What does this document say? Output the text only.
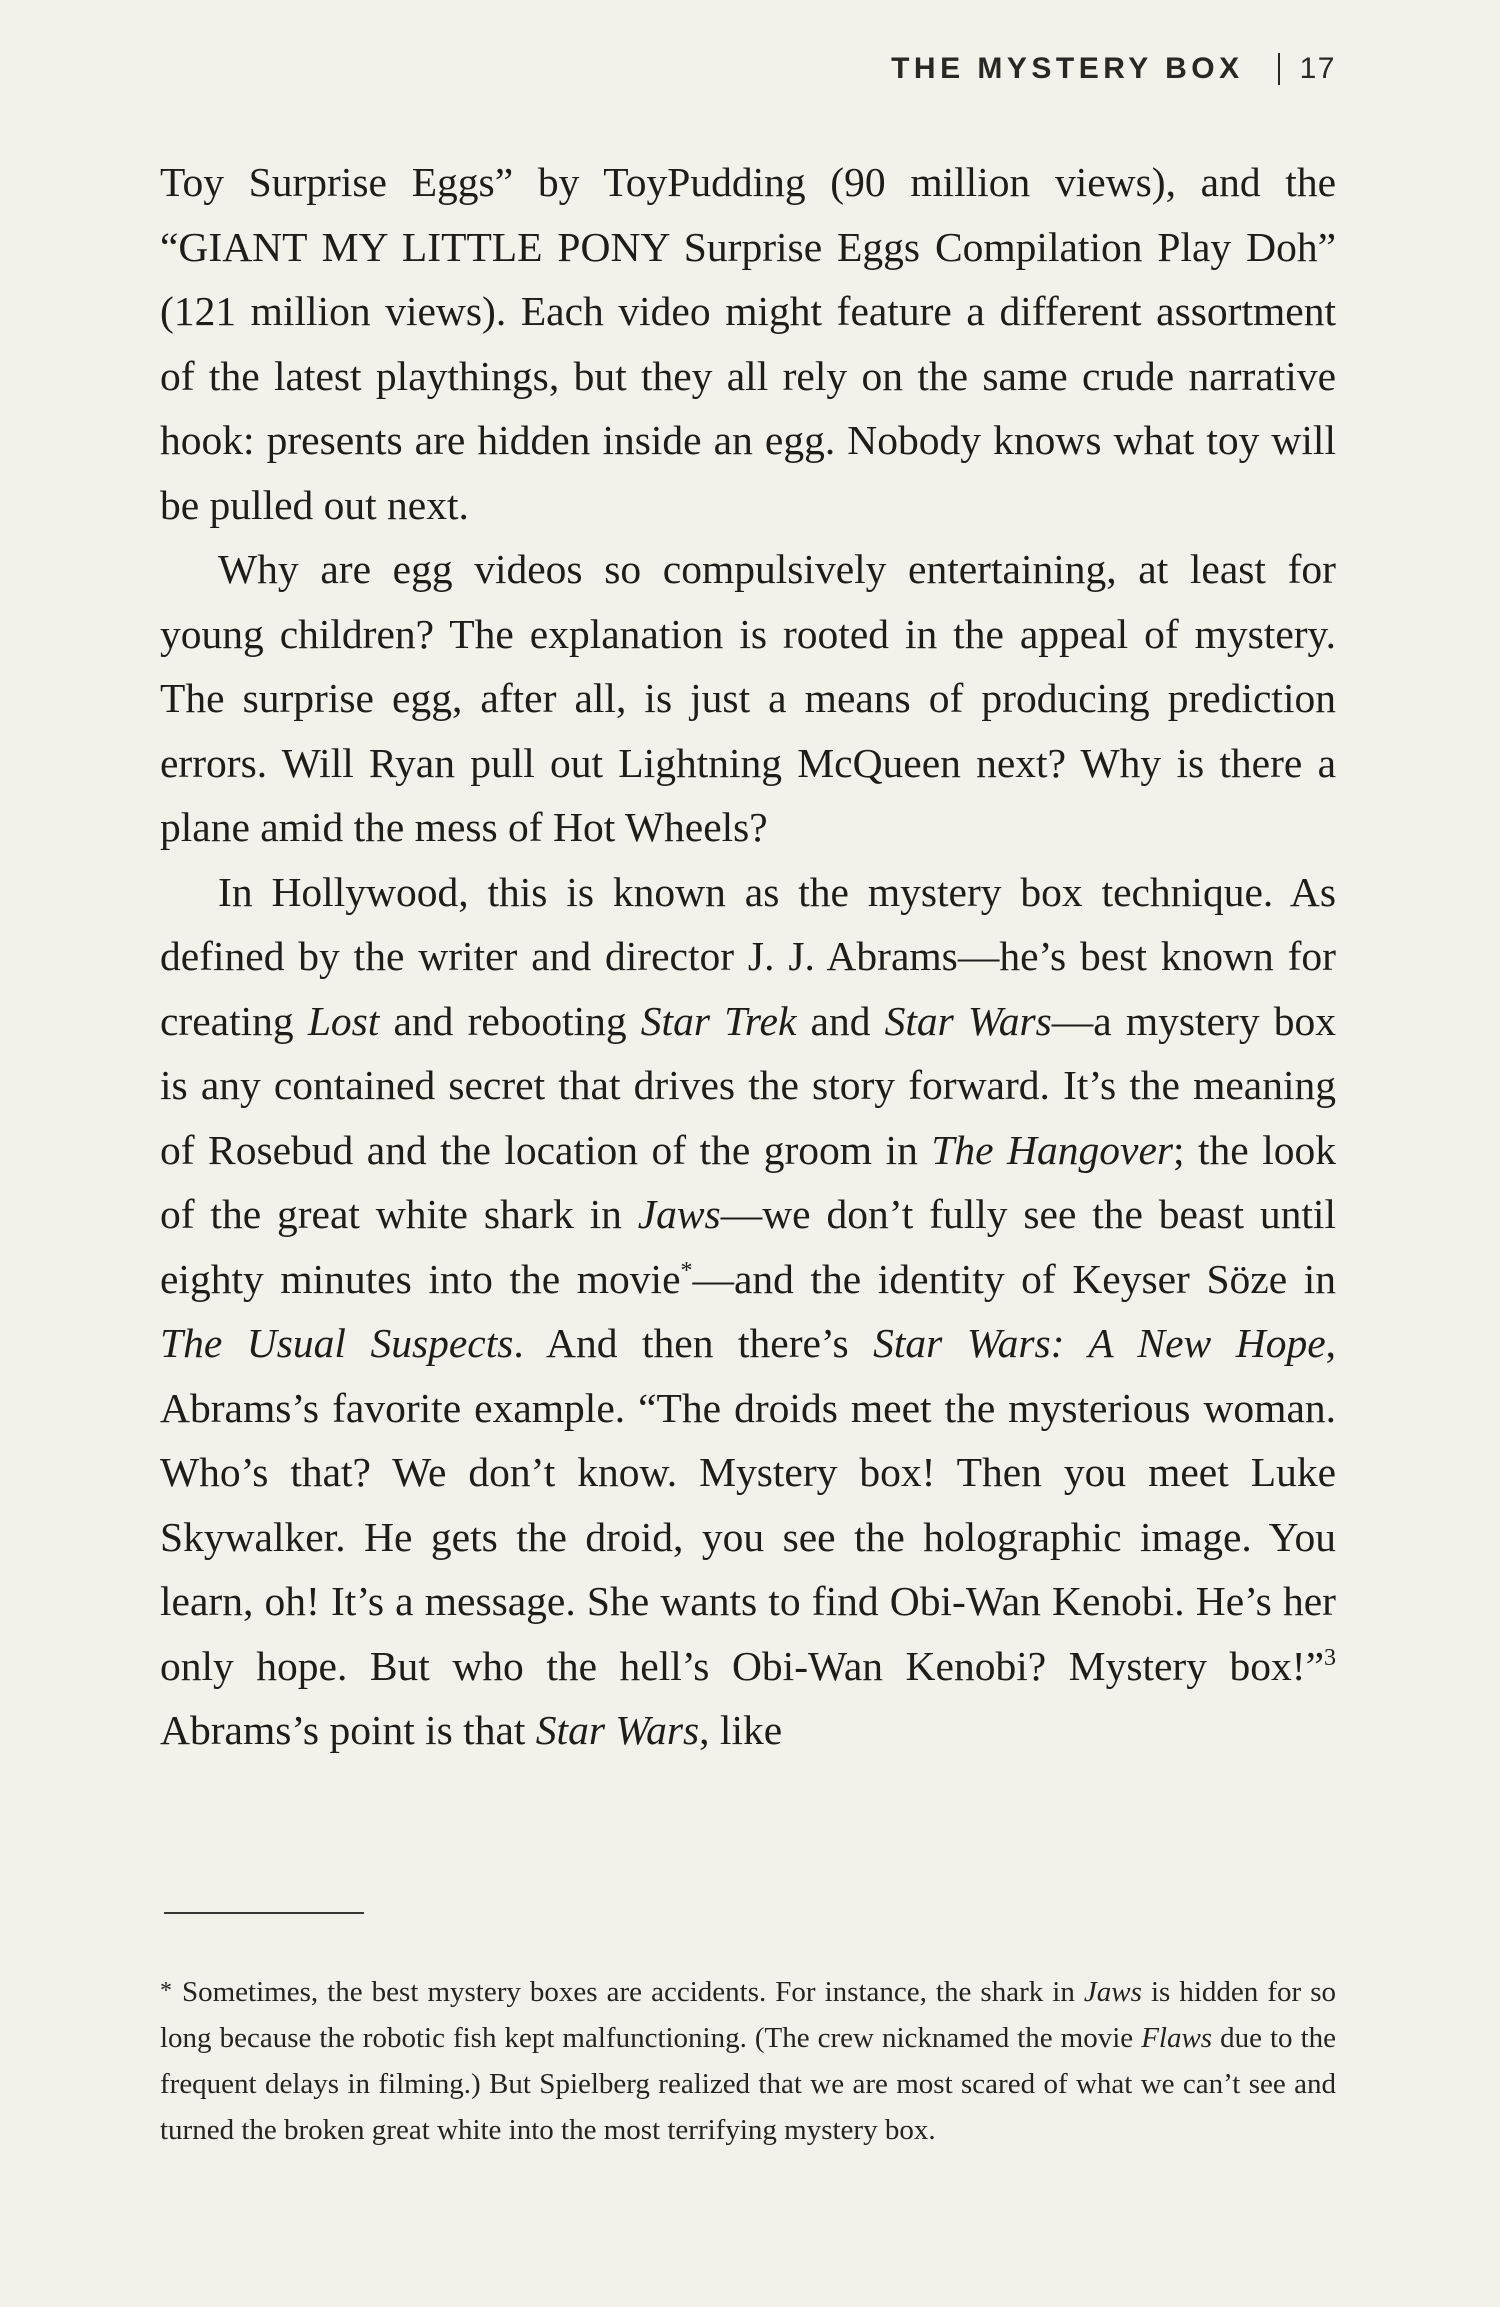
THE MYSTERY BOX 17

Toy Surprise Eggs” by ToyPudding (90 million views), and the “GIANT MY LITTLE PONY Surprise Eggs Compilation Play Doh” (121 million views). Each video might feature a different assortment of the latest playthings, but they all rely on the same crude narrative hook: presents are hidden inside an egg. Nobody knows what toy will be pulled out next.

Why are egg videos so compulsively entertaining, at least for young children? The explanation is rooted in the appeal of mystery. The surprise egg, after all, is just a means of producing prediction errors. Will Ryan pull out Lightning McQueen next? Why is there a plane amid the mess of Hot Wheels?

In Hollywood, this is known as the mystery box technique. As defined by the writer and director J. J. Abrams—he’s best known for creating Lost and rebooting Star Trek and Star Wars—a mystery box is any contained secret that drives the story forward. It’s the meaning of Rosebud and the location of the groom in The Hangover; the look of the great white shark in Jaws—we don’t fully see the beast until eighty minutes into the movie*—and the identity of Keyser Söze in The Usual Suspects. And then there’s Star Wars: A New Hope, Abrams’s favorite example. “The droids meet the mysterious woman. Who’s that? We don’t know. Mystery box! Then you meet Luke Skywalker. He gets the droid, you see the holographic image. You learn, oh! It’s a message. She wants to find Obi-Wan Kenobi. He’s her only hope. But who the hell’s Obi-Wan Kenobi? Mystery box!”$^3$ Abrams’s point is that Star Wars, like

* Sometimes, the best mystery boxes are accidents. For instance, the shark in Jaws is hidden for so long because the robotic fish kept malfunctioning. (The crew nicknamed the movie Flaws due to the frequent delays in filming.) But Spielberg realized that we are most scared of what we can’t see and turned the broken great white into the most terrifying mystery box.
